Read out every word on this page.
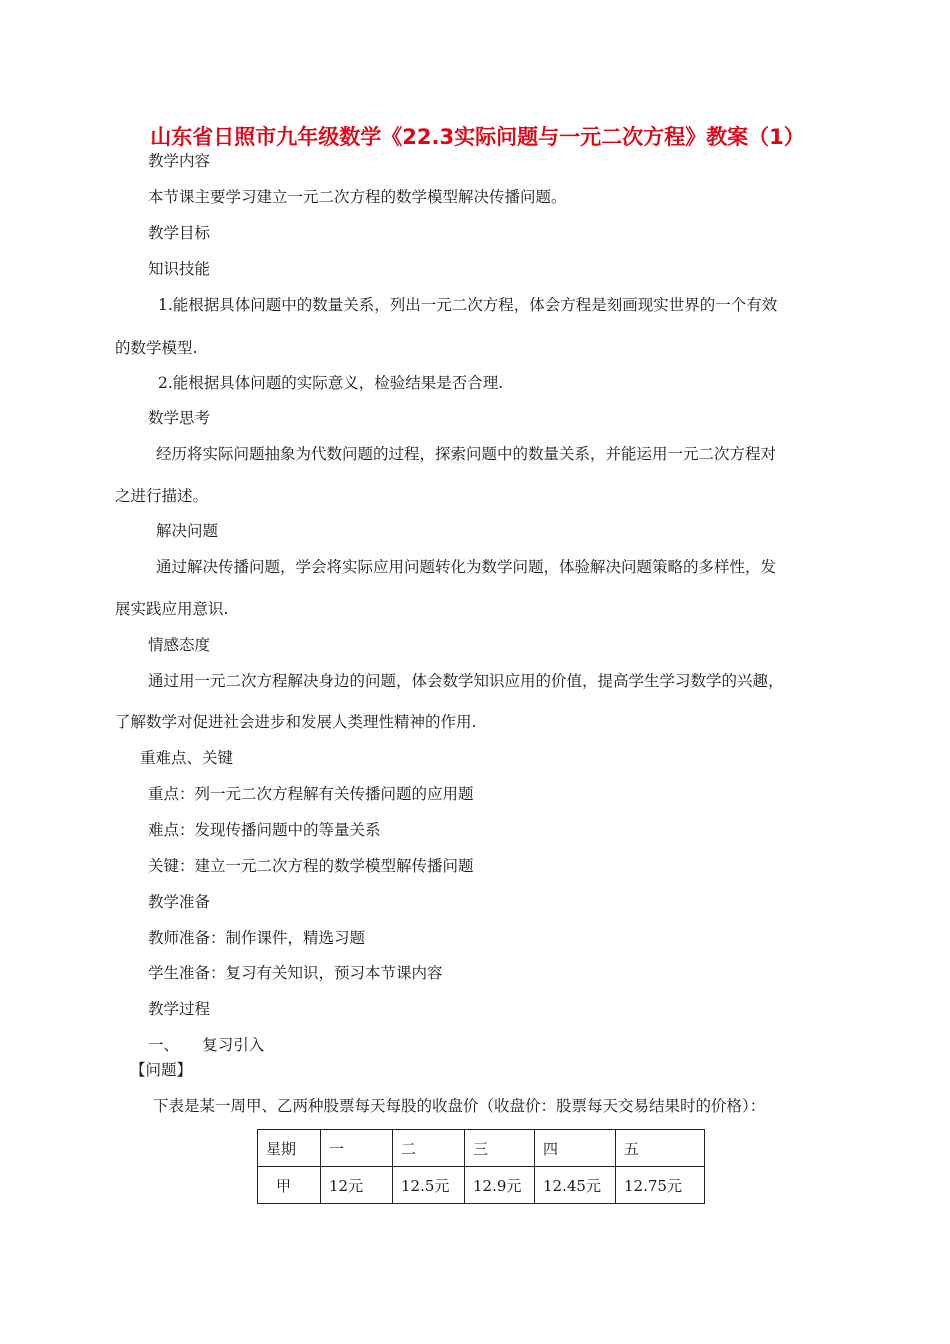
山东省日照市九年级数学《22.3实际问题与一元二次方程》教案（1）
教学内容
本节课主要学习建立一元二次方程的数学模型解决传播问题。
教学目标
知识技能
1.能根据具体问题中的数量关系，列出一元二次方程，体会方程是刻画现实世界的一个有效
的数学模型.
2.能根据具体问题的实际意义，检验结果是否合理.
数学思考
经历将实际问题抽象为代数问题的过程，探索问题中的数量关系，并能运用一元二次方程对
之进行描述。
解决问题
通过解决传播问题，学会将实际应用问题转化为数学问题，体验解决问题策略的多样性，发
展实践应用意识.
情感态度
通过用一元二次方程解决身边的问题，体会数学知识应用的价值，提高学生学习数学的兴趣，
了解数学对促进社会进步和发展人类理性精神的作用.
重难点、关键
重点：列一元二次方程解有关传播问题的应用题
难点：发现传播问题中的等量关系
关键：建立一元二次方程的数学模型解传播问题
教学准备
教师准备：制作课件，精选习题
学生准备：复习有关知识，预习本节课内容
教学过程
一、　　复习引入
【问题】
下表是某一周甲、乙两种股票每天每股的收盘价（收盘价：股票每天交易结果时的价格）：
星期	一	二	三	四	五
甲	12元	12.5元	12.9元	12.45元	12.75元
